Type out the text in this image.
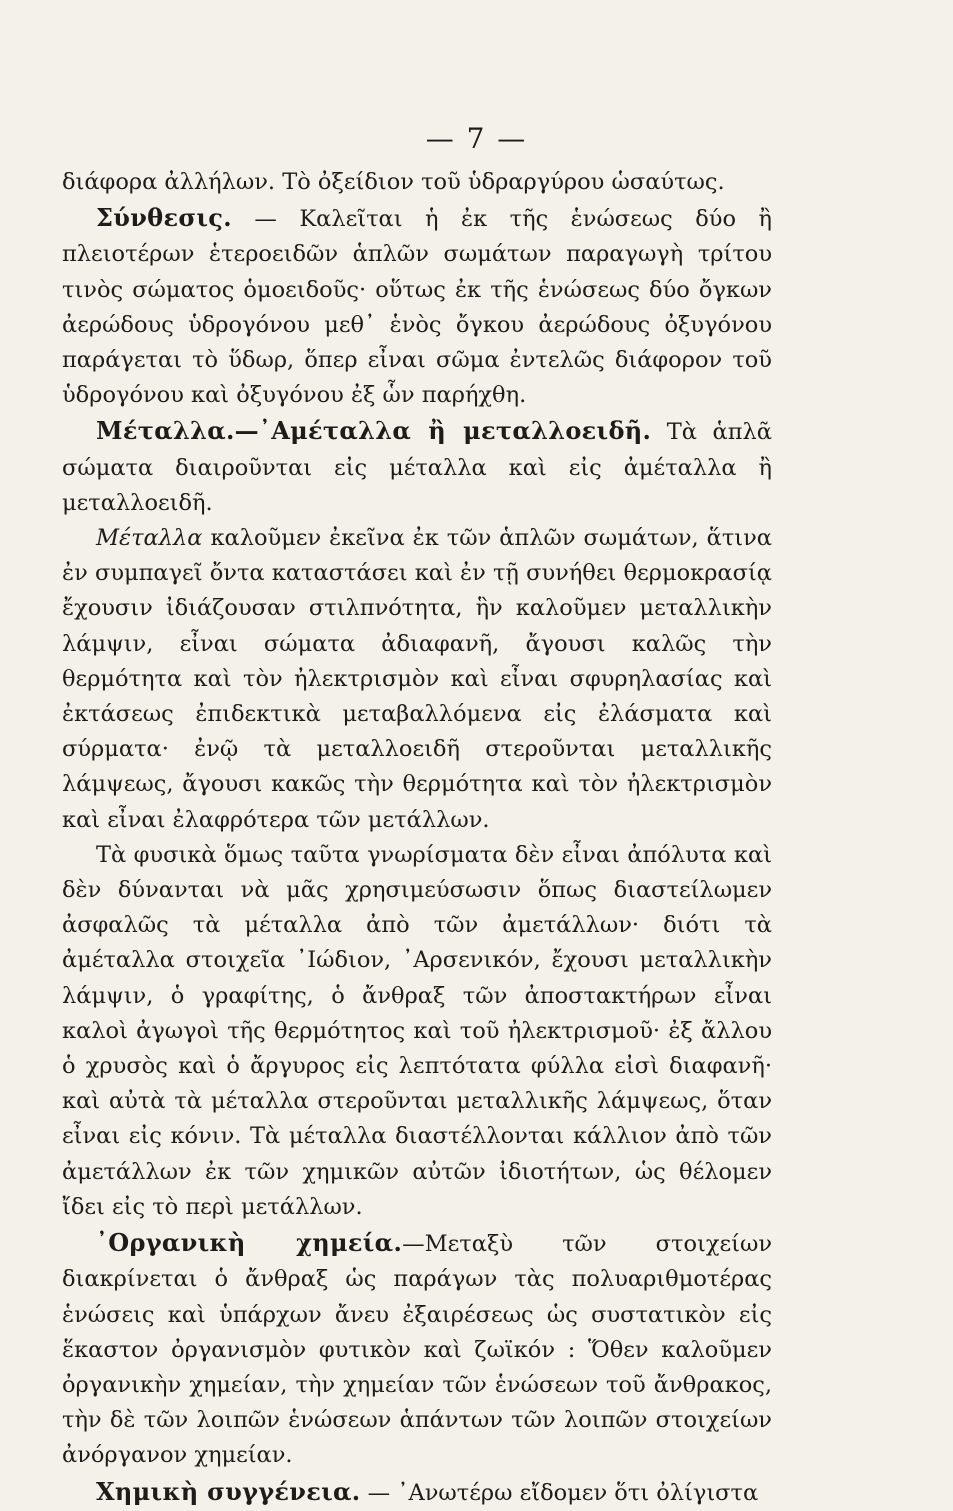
— 7 —

διάφορα ἀλλήλων. Τὸ ὀξείδιον τοῦ ὑδραργύρου ὡσαύτως.

Σύνθεσις. — Καλεῖται ἡ ἐκ τῆς ἑνώσεως δύο ἢ πλειοτέρων ἑτεροειδῶν ἁπλῶν σωμάτων παραγωγὴ τρίτου τινὸς σώματος ὁμοειδοῦς· οὕτως ἐκ τῆς ἑνώσεως δύο ὄγκων ἀερώδους ὑδρογόνου μεθ᾽ ἑνὸς ὄγκου ἀερώδους ὀξυγόνου παράγεται τὸ ὕδωρ, ὅπερ εἶναι σῶμα ἐντελῶς διάφορον τοῦ ὑδρογόνου καὶ ὀξυγόνου ἐξ ὧν παρήχθη.

Μέταλλα.—᾿Αμέταλλα ἢ μεταλλοειδῆ. Τὰ ἁπλᾶ σώματα διαιροῦνται εἰς μέταλλα καὶ εἰς ἀμέταλλα ἢ μεταλλοειδῆ.

Μέταλλα καλοῦμεν ἐκεῖνα ἐκ τῶν ἁπλῶν σωμάτων, ἅτινα ἐν συμπαγεῖ ὄντα καταστάσει καὶ ἐν τῇ συνήθει θερμοκρασίᾳ ἔχουσιν ἰδιάζουσαν στιλπνότητα, ἣν καλοῦμεν μεταλλικὴν λάμψιν, εἶναι σώματα ἀδιαφανῆ, ἄγουσι καλῶς τὴν θερμότητα καὶ τὸν ἠλεκτρισμὸν καὶ εἶναι σφυρηλασίας καὶ ἐκτάσεως ἐπιδεκτικὰ μεταβαλλόμενα εἰς ἐλάσματα καὶ σύρματα· ἐνῷ τὰ μεταλλοειδῆ στεροῦνται μεταλλικῆς λάμψεως, ἄγουσι κακῶς τὴν θερμότητα καὶ τὸν ἠλεκτρισμὸν καὶ εἶναι ἐλαφρότερα τῶν μετάλλων.

Τὰ φυσικὰ ὅμως ταῦτα γνωρίσματα δὲν εἶναι ἀπόλυτα καὶ δὲν δύνανται νὰ μᾶς χρησιμεύσωσιν ὅπως διαστείλωμεν ἀσφαλῶς τὰ μέταλλα ἀπὸ τῶν ἀμετάλλων· διότι τὰ ἀμέταλλα στοιχεῖα ᾿Ιώδιον, ᾿Αρσενικόν, ἔχουσι μεταλλικὴν λάμψιν, ὁ γραφίτης, ὁ ἄνθραξ τῶν ἀποστακτήρων εἶναι καλοὶ ἀγωγοὶ τῆς θερμότητος καὶ τοῦ ἠλεκτρισμοῦ· ἐξ ἄλλου ὁ χρυσὸς καὶ ὁ ἄργυρος εἰς λεπτότατα φύλλα εἰσὶ διαφανῆ· καὶ αὐτὰ τὰ μέταλλα στεροῦνται μεταλλικῆς λάμψεως, ὅταν εἶναι εἰς κόνιν. Τὰ μέταλλα διαστέλλονται κάλλιον ἀπὸ τῶν ἀμετάλλων ἐκ τῶν χημικῶν αὐτῶν ἰδιοτήτων, ὡς θέλομεν ἴδει εἰς τὸ περὶ μετάλλων.

᾿Οργανικὴ χημεία.—Μεταξὺ τῶν στοιχείων διακρίνεται ὁ ἄνθραξ ὡς παράγων τὰς πολυαριθμοτέρας ἑνώσεις καὶ ὑπάρχων ἄνευ ἐξαιρέσεως ὡς συστατικὸν εἰς ἕκαστον ὀργανισμὸν φυτικὸν καὶ ζωϊκόν : Ὅθεν καλοῦμεν ὀργανικὴν χημείαν, τὴν χημείαν τῶν ἑνώσεων τοῦ ἄνθρακος, τὴν δὲ τῶν λοιπῶν ἑνώσεων ἁπάντων τῶν λοιπῶν στοιχείων ἀνόργανον χημείαν.

Χημικὴ συγγένεια. — ᾿Ανωτέρω εἴδομεν ὅτι ὀλίγιστα
